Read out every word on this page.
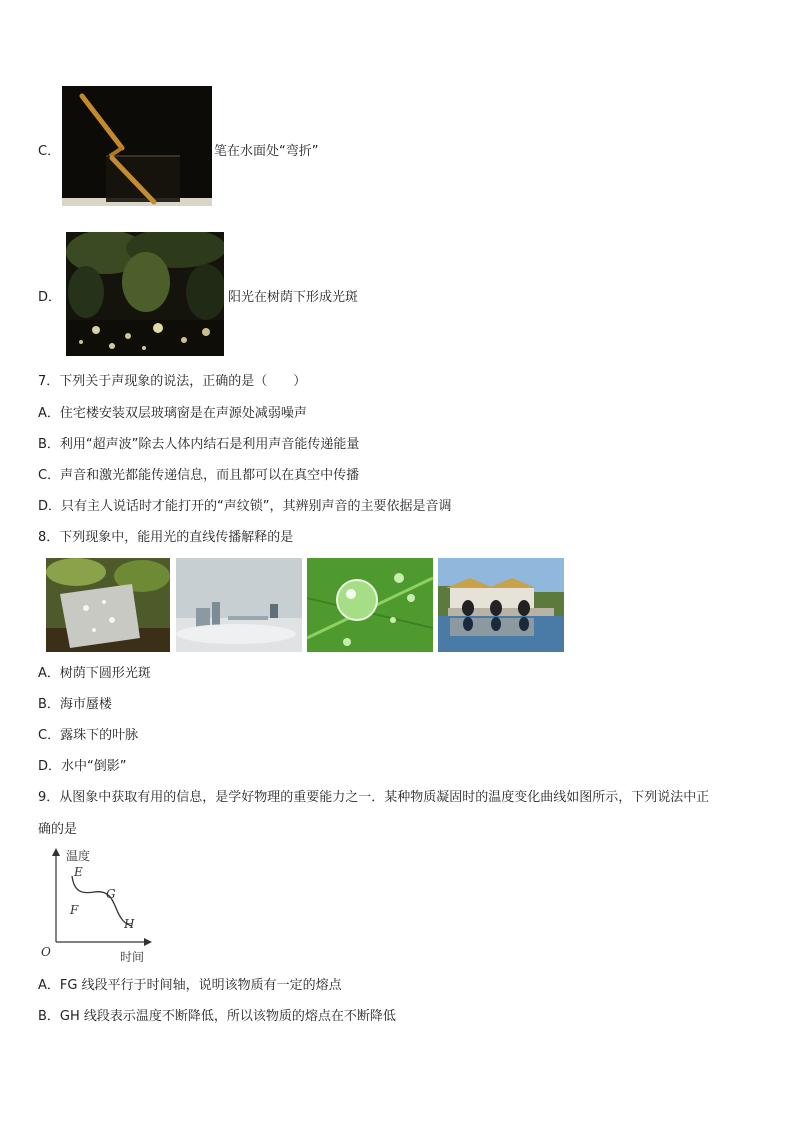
C．	笔在水面处“弯折”
D．	阳光在树荫下形成光斑
7．下列关于声现象的说法，正确的是（　　）
A．住宅楼安装双层玻璃窗是在声源处减弱噪声
B．利用“超声波”除去人体内结石是利用声音能传递能量
C．声音和激光都能传递信息，而且都可以在真空中传播
D．只有主人说话时才能打开的“声纹锁”，其辨别声音的主要依据是音调
8．下列现象中，能用光的直线传播解释的是
A．树荫下圆形光斑
B．海市蜃楼
C．露珠下的叶脉
D．水中“倒影”
9．从图象中获取有用的信息，是学好物理的重要能力之一．某种物质凝固时的温度变化曲线如图所示，下列说法中正
确的是
温度
E
F
G
H
O	时间
A．FG 线段平行于时间轴，说明该物质有一定的熔点
B．GH 线段表示温度不断降低，所以该物质的熔点在不断降低
